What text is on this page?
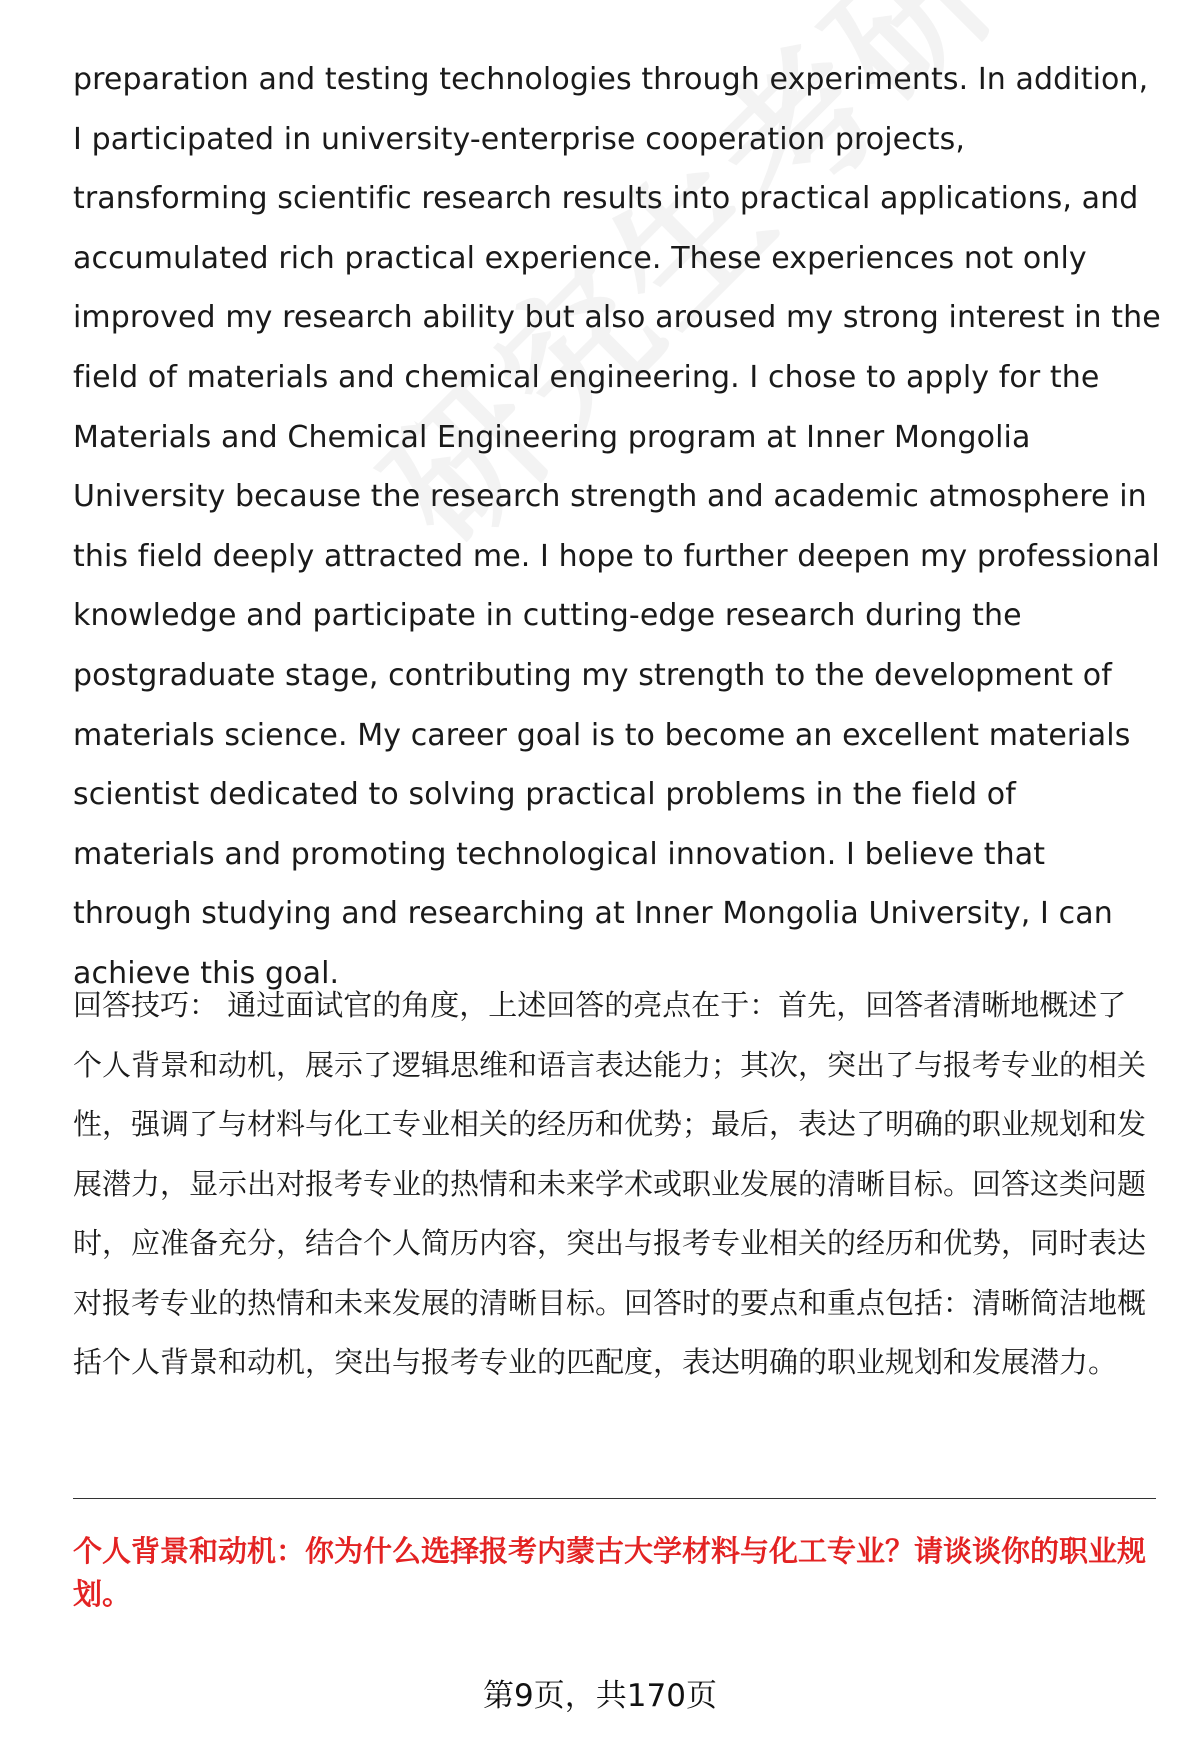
preparation and testing technologies through experiments. In addition, I participated in university-enterprise cooperation projects, transforming scientific research results into practical applications, and accumulated rich practical experience. These experiences not only improved my research ability but also aroused my strong interest in the field of materials and chemical engineering. I chose to apply for the Materials and Chemical Engineering program at Inner Mongolia University because the research strength and academic atmosphere in this field deeply attracted me. I hope to further deepen my professional knowledge and participate in cutting-edge research during the postgraduate stage, contributing my strength to the development of materials science. My career goal is to become an excellent materials scientist dedicated to solving practical problems in the field of materials and promoting technological innovation. I believe that through studying and researching at Inner Mongolia University, I can achieve this goal.
回答技巧： 通过面试官的角度，上述回答的亮点在于：首先，回答者清晰地概述了个人背景和动机，展示了逻辑思维和语言表达能力；其次，突出了与报考专业的相关性，强调了与材料与化工专业相关的经历和优势；最后，表达了明确的职业规划和发展潜力，显示出对报考专业的热情和未来学术或职业发展的清晰目标。回答这类问题时，应准备充分，结合个人简历内容，突出与报考专业相关的经历和优势，同时表达对报考专业的热情和未来发展的清晰目标。回答时的要点和重点包括：清晰简洁地概括个人背景和动机，突出与报考专业的匹配度，表达明确的职业规划和发展潜力。
个人背景和动机：你为什么选择报考内蒙古大学材料与化工专业？请谈谈你的职业规划。
第9页，共170页
